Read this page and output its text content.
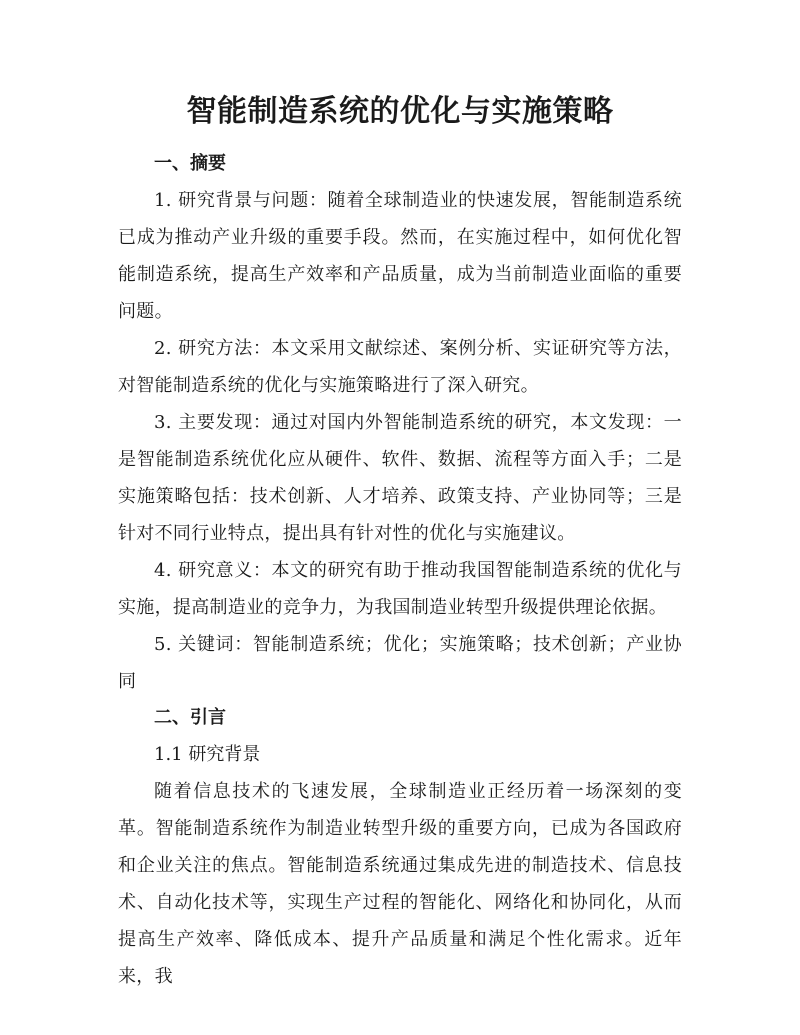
智能制造系统的优化与实施策略

一、摘要

1. 研究背景与问题：随着全球制造业的快速发展，智能制造系统已成为推动产业升级的重要手段。然而，在实施过程中，如何优化智能制造系统，提高生产效率和产品质量，成为当前制造业面临的重要问题。

2. 研究方法：本文采用文献综述、案例分析、实证研究等方法，对智能制造系统的优化与实施策略进行了深入研究。

3. 主要发现：通过对国内外智能制造系统的研究，本文发现：一是智能制造系统优化应从硬件、软件、数据、流程等方面入手；二是实施策略包括：技术创新、人才培养、政策支持、产业协同等；三是针对不同行业特点，提出具有针对性的优化与实施建议。

4. 研究意义：本文的研究有助于推动我国智能制造系统的优化与实施，提高制造业的竞争力，为我国制造业转型升级提供理论依据。

5. 关键词：智能制造系统；优化；实施策略；技术创新；产业协同

二、引言

1.1 研究背景

随着信息技术的飞速发展，全球制造业正经历着一场深刻的变革。智能制造系统作为制造业转型升级的重要方向，已成为各国政府和企业关注的焦点。智能制造系统通过集成先进的制造技术、信息技术、自动化技术等，实现生产过程的智能化、网络化和协同化，从而提高生产效率、降低成本、提升产品质量和满足个性化需求。近年来，我
